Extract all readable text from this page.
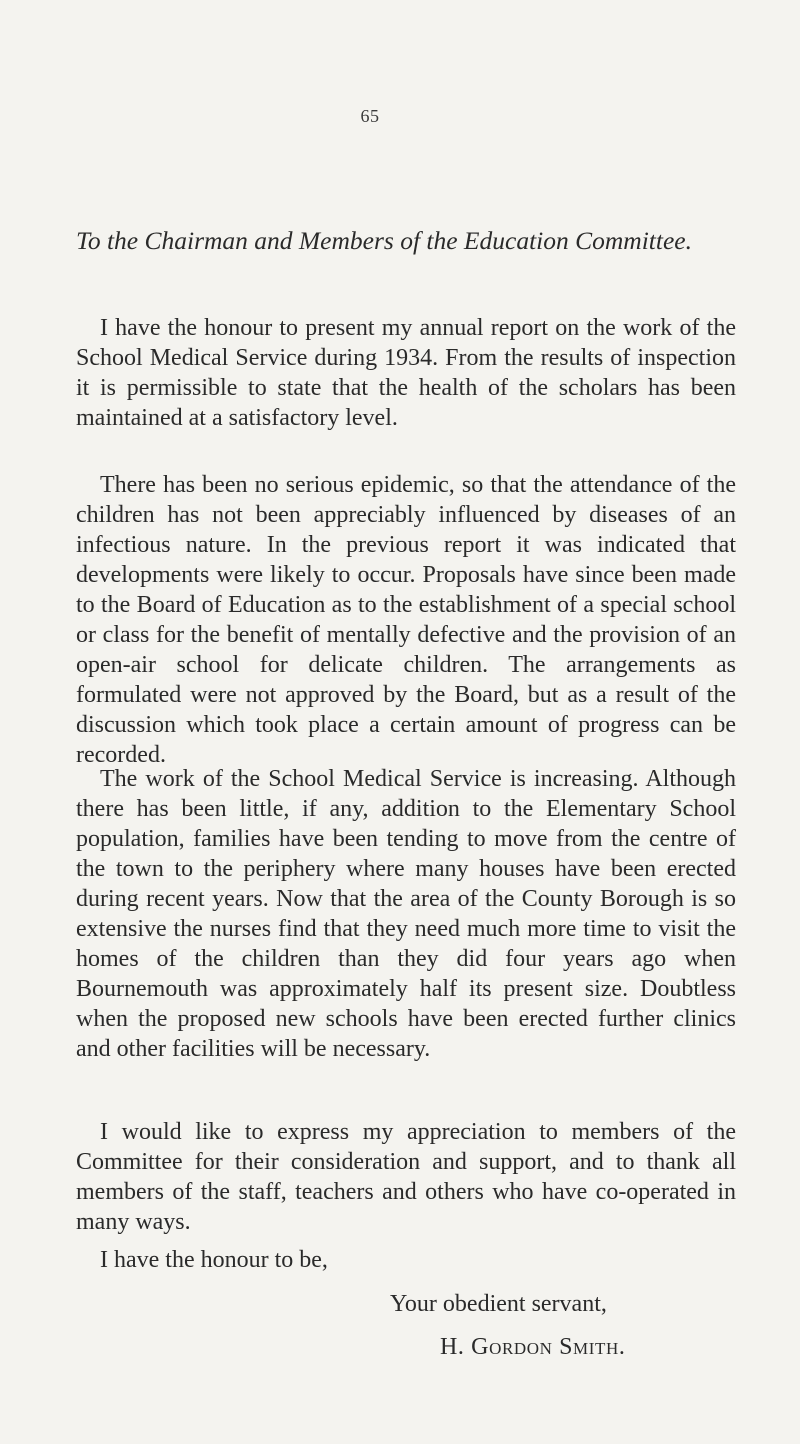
65
To the Chairman and Members of the Education Committee.

I have the honour to present my annual report on the work of the School Medical Service during 1934. From the results of inspection it is permissible to state that the health of the scholars has been maintained at a satisfactory level.

There has been no serious epidemic, so that the attendance of the children has not been appreciably influenced by diseases of an infectious nature. In the previous report it was indicated that developments were likely to occur. Proposals have since been made to the Board of Education as to the establishment of a special school or class for the benefit of mentally defective and the provision of an open-air school for delicate children. The arrangements as formulated were not approved by the Board, but as a result of the discussion which took place a certain amount of progress can be recorded.

The work of the School Medical Service is increasing. Although there has been little, if any, addition to the Elementary School population, families have been tending to move from the centre of the town to the periphery where many houses have been erected during recent years. Now that the area of the County Borough is so extensive the nurses find that they need much more time to visit the homes of the children than they did four years ago when Bournemouth was approximately half its present size. Doubtless when the proposed new schools have been erected further clinics and other facilities will be necessary.

I would like to express my appreciation to members of the Committee for their consideration and support, and to thank all members of the staff, teachers and others who have co-operated in many ways.

I have the honour to be,
Your obedient servant,
H. Gordon Smith.
